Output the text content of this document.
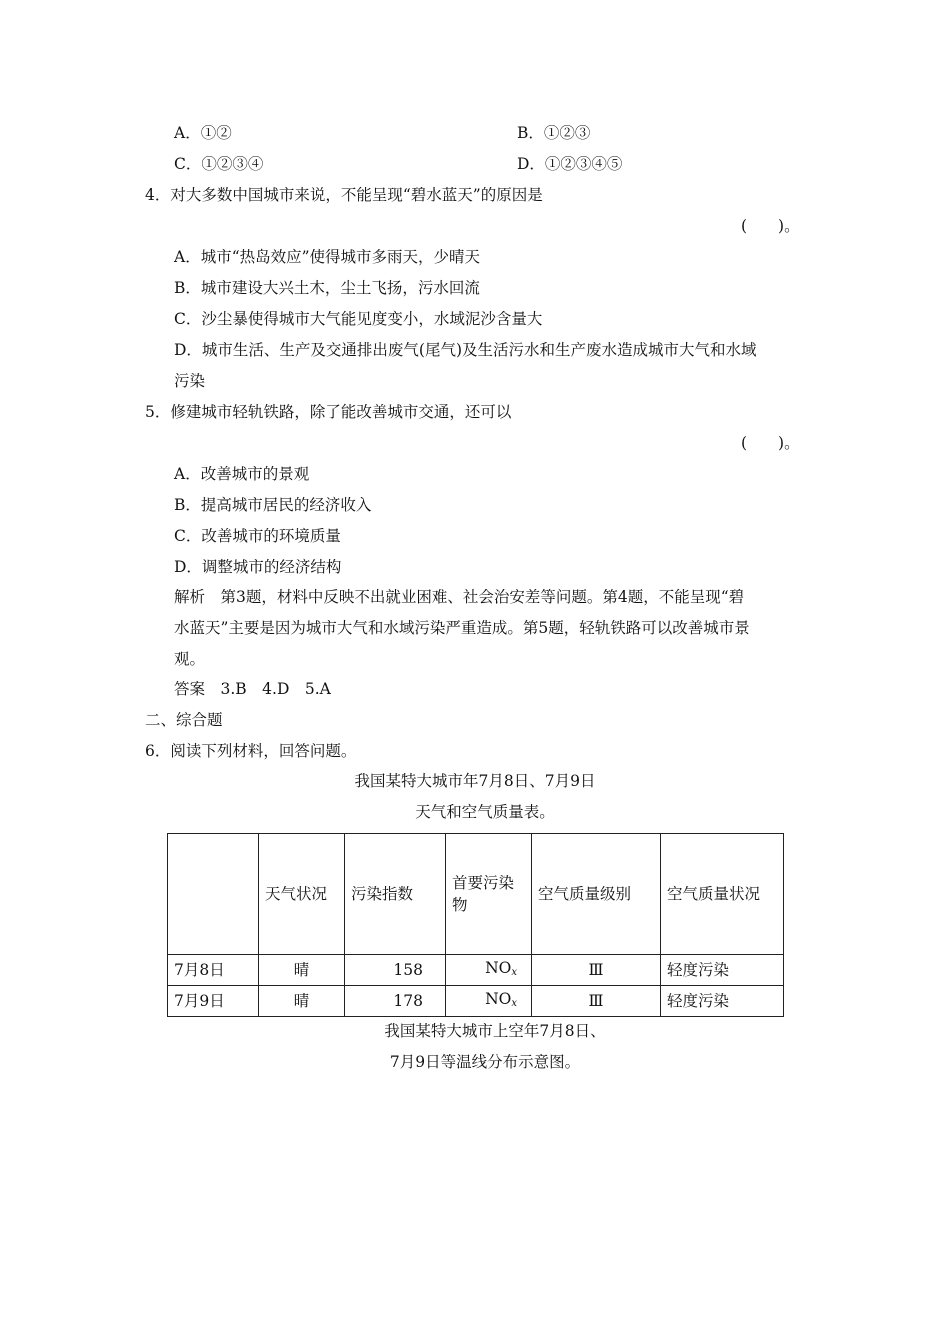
A．①②	B．①②③
C．①②③④	D．①②③④⑤
4．对大多数中国城市来说，不能呈现“碧水蓝天”的原因是
(　　)。
A．城市“热岛效应”使得城市多雨天，少晴天
B．城市建设大兴土木，尘土飞扬，污水回流
C．沙尘暴使得城市大气能见度变小，水域泥沙含量大
D．城市生活、生产及交通排出废气(尾气)及生活污水和生产废水造成城市大气和水域
污染
5．修建城市轻轨铁路，除了能改善城市交通，还可以
(　　)。
A．改善城市的景观
B．提高城市居民的经济收入
C．改善城市的环境质量
D．调整城市的经济结构
解析　第3题，材料中反映不出就业困难、社会治安差等问题。第4题，不能呈现“碧
水蓝天”主要是因为城市大气和水域污染严重造成。第5题，轻轨铁路可以改善城市景
观。
答案　3.B　4.D　5.A
二、综合题
6．阅读下列材料，回答问题。
我国某特大城市年7月8日、7月9日
天气和空气质量表。
	天气状况	污染指数	首要污染物	空气质量级别	空气质量状况
7月8日	晴	158	$NO_x$	Ⅲ	轻度污染
7月9日	晴	178	$NO_x$	Ⅲ	轻度污染
我国某特大城市上空年7月8日、
7月9日等温线分布示意图。
